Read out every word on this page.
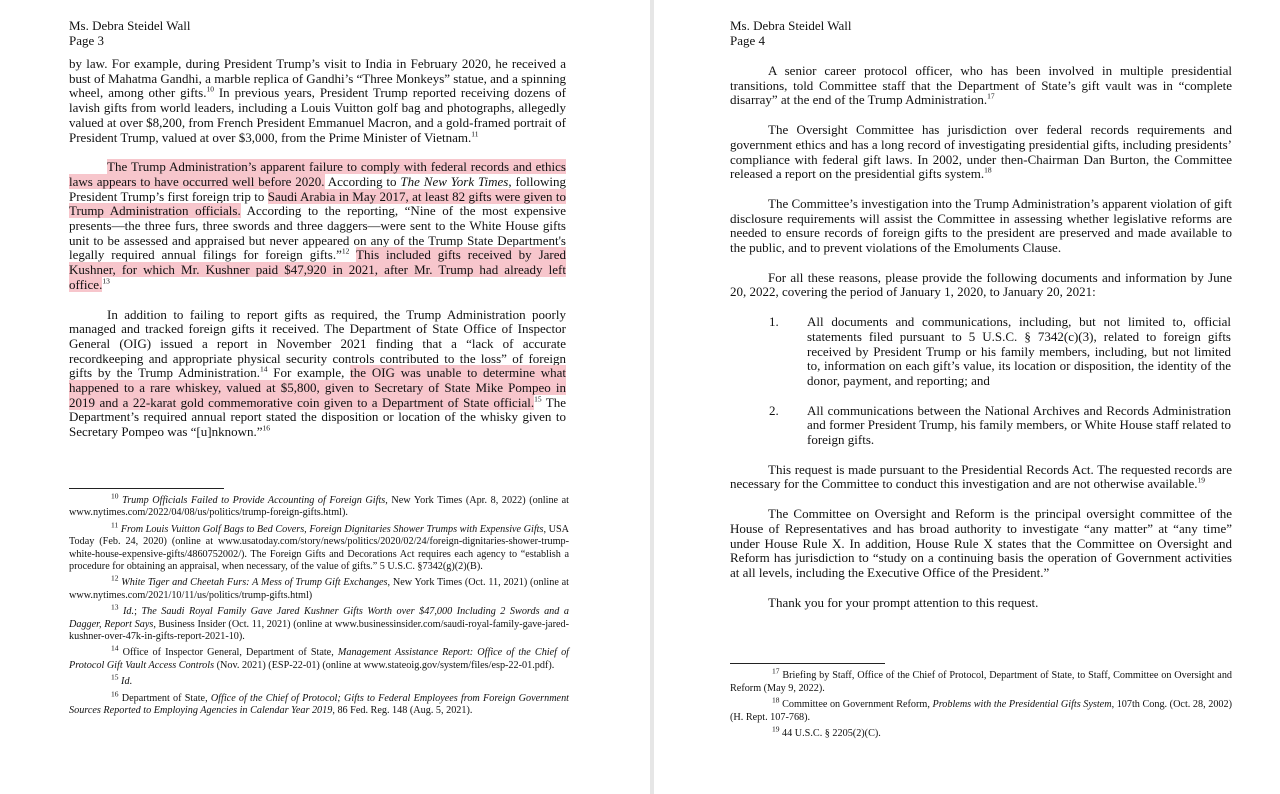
Ms. Debra Steidel Wall
Page 3

by law. For example, during President Trump’s visit to India in February 2020, he received a bust of Mahatma Gandhi, a marble replica of Gandhi’s “Three Monkeys” statue, and a spinning wheel, among other gifts.$^{10}$ In previous years, President Trump reported receiving dozens of lavish gifts from world leaders, including a Louis Vuitton golf bag and photographs, allegedly valued at over $8,200, from French President Emmanuel Macron, and a gold-framed portrait of President Trump, valued at over $3,000, from the Prime Minister of Vietnam.$^{11}$

The Trump Administration’s apparent failure to comply with federal records and ethics laws appears to have occurred well before 2020. According to The New York Times, following President Trump’s first foreign trip to Saudi Arabia in May 2017, at least 82 gifts were given to Trump Administration officials. According to the reporting, “Nine of the most expensive presents—the three furs, three swords and three daggers—were sent to the White House gifts unit to be assessed and appraised but never appeared on any of the Trump State Department's legally required annual filings for foreign gifts.”$^{12}$ This included gifts received by Jared Kushner, for which Mr. Kushner paid $47,920 in 2021, after Mr. Trump had already left office.$^{13}$

In addition to failing to report gifts as required, the Trump Administration poorly managed and tracked foreign gifts it received. The Department of State Office of Inspector General (OIG) issued a report in November 2021 finding that a “lack of accurate recordkeeping and appropriate physical security controls contributed to the loss” of foreign gifts by the Trump Administration.$^{14}$ For example, the OIG was unable to determine what happened to a rare whiskey, valued at $5,800, given to Secretary of State Mike Pompeo in 2019 and a 22-karat gold commemorative coin given to a Department of State official.$^{15}$ The Department’s required annual report stated the disposition or location of the whisky given to Secretary Pompeo was “[u]nknown.”$^{16}$

$^{10}$ Trump Officials Failed to Provide Accounting of Foreign Gifts, New York Times (Apr. 8, 2022) (online at www.nytimes.com/2022/04/08/us/politics/trump-foreign-gifts.html).

$^{11}$ From Louis Vuitton Golf Bags to Bed Covers, Foreign Dignitaries Shower Trumps with Expensive Gifts, USA Today (Feb. 24, 2020) (online at www.usatoday.com/story/news/politics/2020/02/24/foreign-dignitaries-shower-trump-white-house-expensive-gifts/4860752002/). The Foreign Gifts and Decorations Act requires each agency to “establish a procedure for obtaining an appraisal, when necessary, of the value of gifts.” 5 U.S.C. §7342(g)(2)(B).

$^{12}$ White Tiger and Cheetah Furs: A Mess of Trump Gift Exchanges, New York Times (Oct. 11, 2021) (online at www.nytimes.com/2021/10/11/us/politics/trump-gifts.html)

$^{13}$ Id.; The Saudi Royal Family Gave Jared Kushner Gifts Worth over $47,000 Including 2 Swords and a Dagger, Report Says, Business Insider (Oct. 11, 2021) (online at www.businessinsider.com/saudi-royal-family-gave-jared-kushner-over-47k-in-gifts-report-2021-10).

$^{14}$ Office of Inspector General, Department of State, Management Assistance Report: Office of the Chief of Protocol Gift Vault Access Controls (Nov. 2021) (ESP-22-01) (online at www.stateoig.gov/system/files/esp-22-01.pdf).

$^{15}$ Id.

$^{16}$ Department of State, Office of the Chief of Protocol; Gifts to Federal Employees from Foreign Government Sources Reported to Employing Agencies in Calendar Year 2019, 86 Fed. Reg. 148 (Aug. 5, 2021).

Ms. Debra Steidel Wall
Page 4

A senior career protocol officer, who has been involved in multiple presidential transitions, told Committee staff that the Department of State’s gift vault was in “complete disarray” at the end of the Trump Administration.$^{17}$

The Oversight Committee has jurisdiction over federal records requirements and government ethics and has a long record of investigating presidential gifts, including presidents’ compliance with federal gift laws. In 2002, under then-Chairman Dan Burton, the Committee released a report on the presidential gifts system.$^{18}$

The Committee’s investigation into the Trump Administration’s apparent violation of gift disclosure requirements will assist the Committee in assessing whether legislative reforms are needed to ensure records of foreign gifts to the president are preserved and made available to the public, and to prevent violations of the Emoluments Clause.

For all these reasons, please provide the following documents and information by June 20, 2022, covering the period of January 1, 2020, to January 20, 2021:

1.	All documents and communications, including, but not limited to, official statements filed pursuant to 5 U.S.C. § 7342(c)(3), related to foreign gifts received by President Trump or his family members, including, but not limited to, information on each gift’s value, its location or disposition, the identity of the donor, payment, and reporting; and
2.	All communications between the National Archives and Records Administration and former President Trump, his family members, or White House staff related to foreign gifts.

This request is made pursuant to the Presidential Records Act. The requested records are necessary for the Committee to conduct this investigation and are not otherwise available.$^{19}$

The Committee on Oversight and Reform is the principal oversight committee of the House of Representatives and has broad authority to investigate “any matter” at “any time” under House Rule X. In addition, House Rule X states that the Committee on Oversight and Reform has jurisdiction to “study on a continuing basis the operation of Government activities at all levels, including the Executive Office of the President.”

Thank you for your prompt attention to this request.

$^{17}$ Briefing by Staff, Office of the Chief of Protocol, Department of State, to Staff, Committee on Oversight and Reform (May 9, 2022).

$^{18}$ Committee on Government Reform, Problems with the Presidential Gifts System, 107th Cong. (Oct. 28, 2002) (H. Rept. 107-768).

$^{19}$ 44 U.S.C. § 2205(2)(C).
